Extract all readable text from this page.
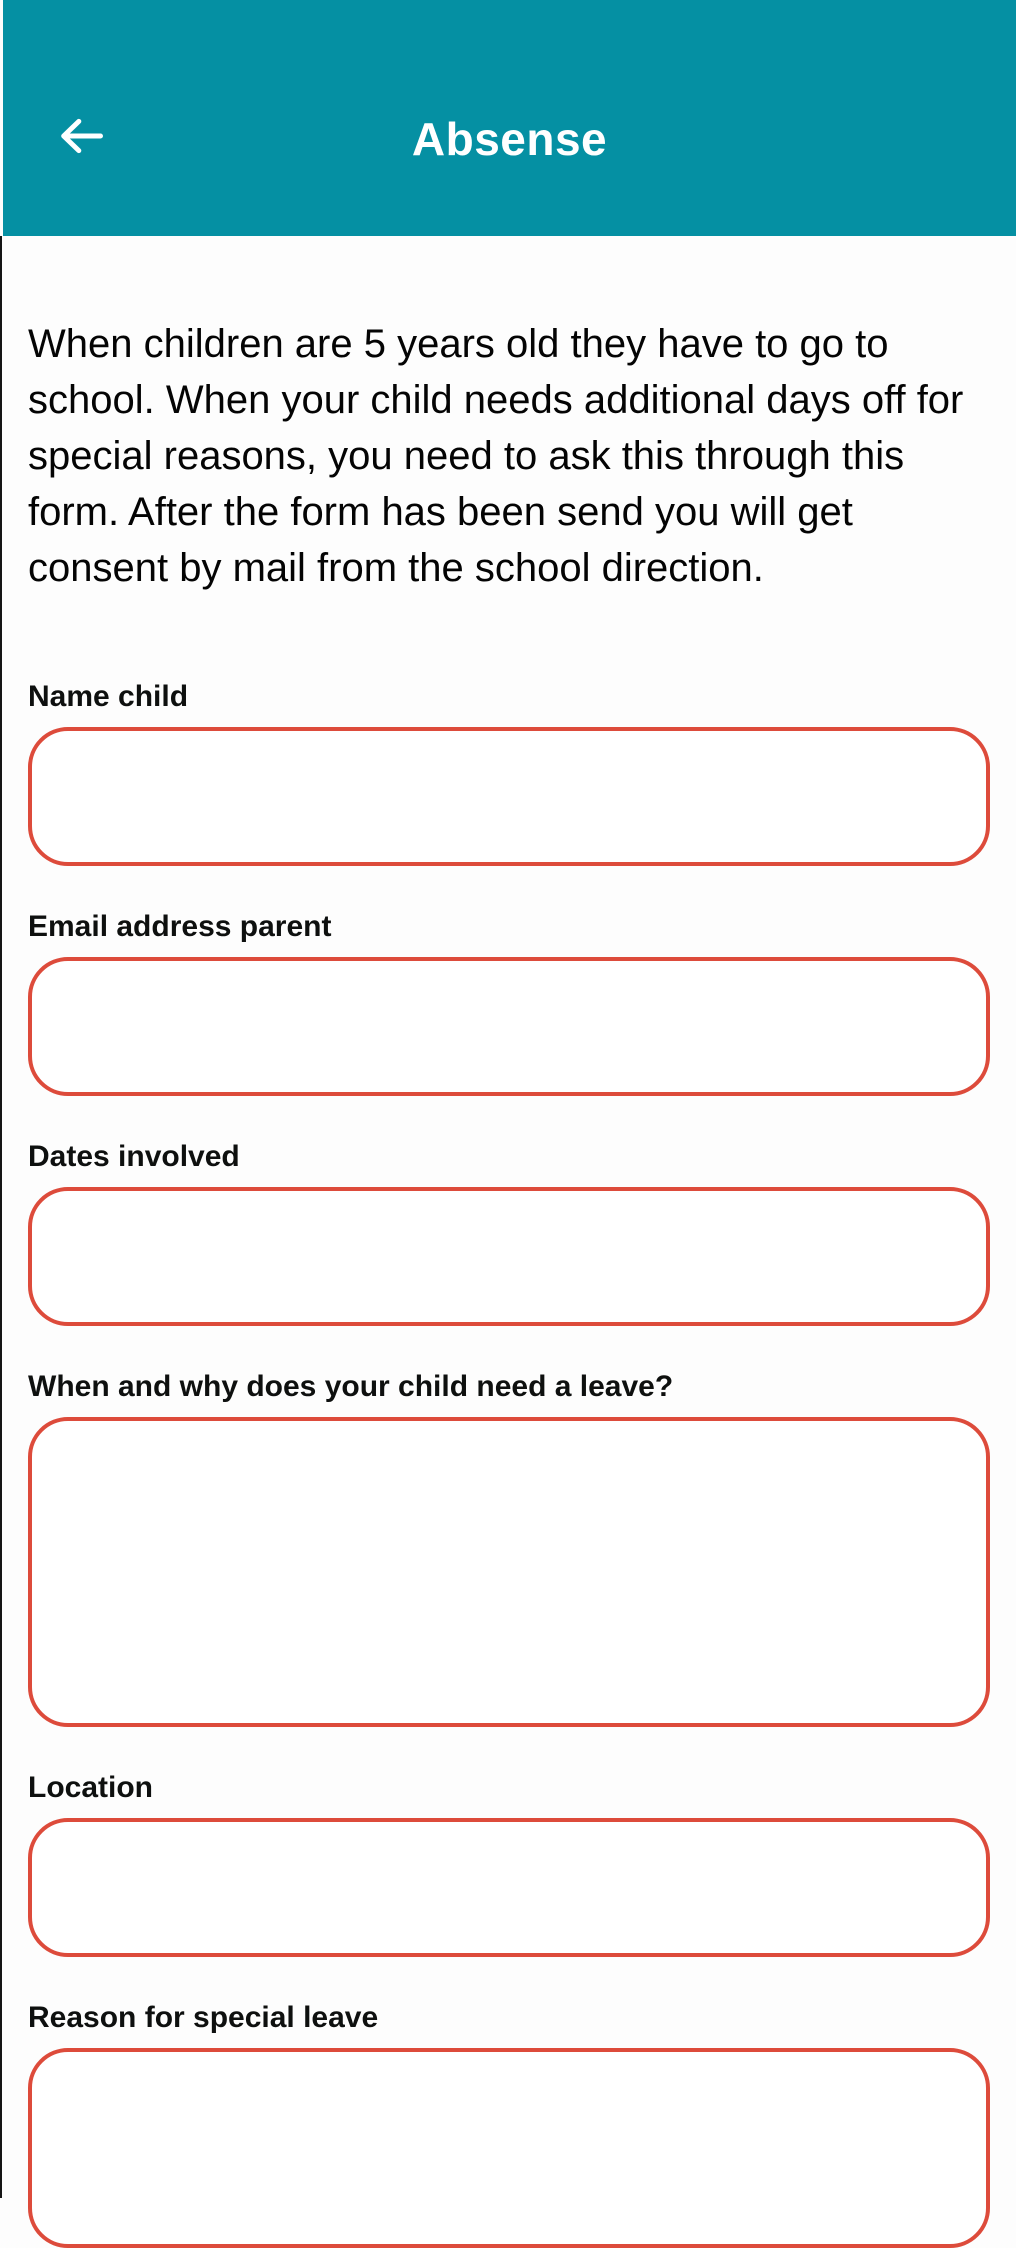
Absense

When children are 5 years old they have to go to school. When your child needs additional days off for special reasons, you need to ask this through this form. After the form has been send you will get consent by mail from the school direction.

Name child
Email address parent
Dates involved
When and why does your child need a leave?
Location
Reason for special leave
